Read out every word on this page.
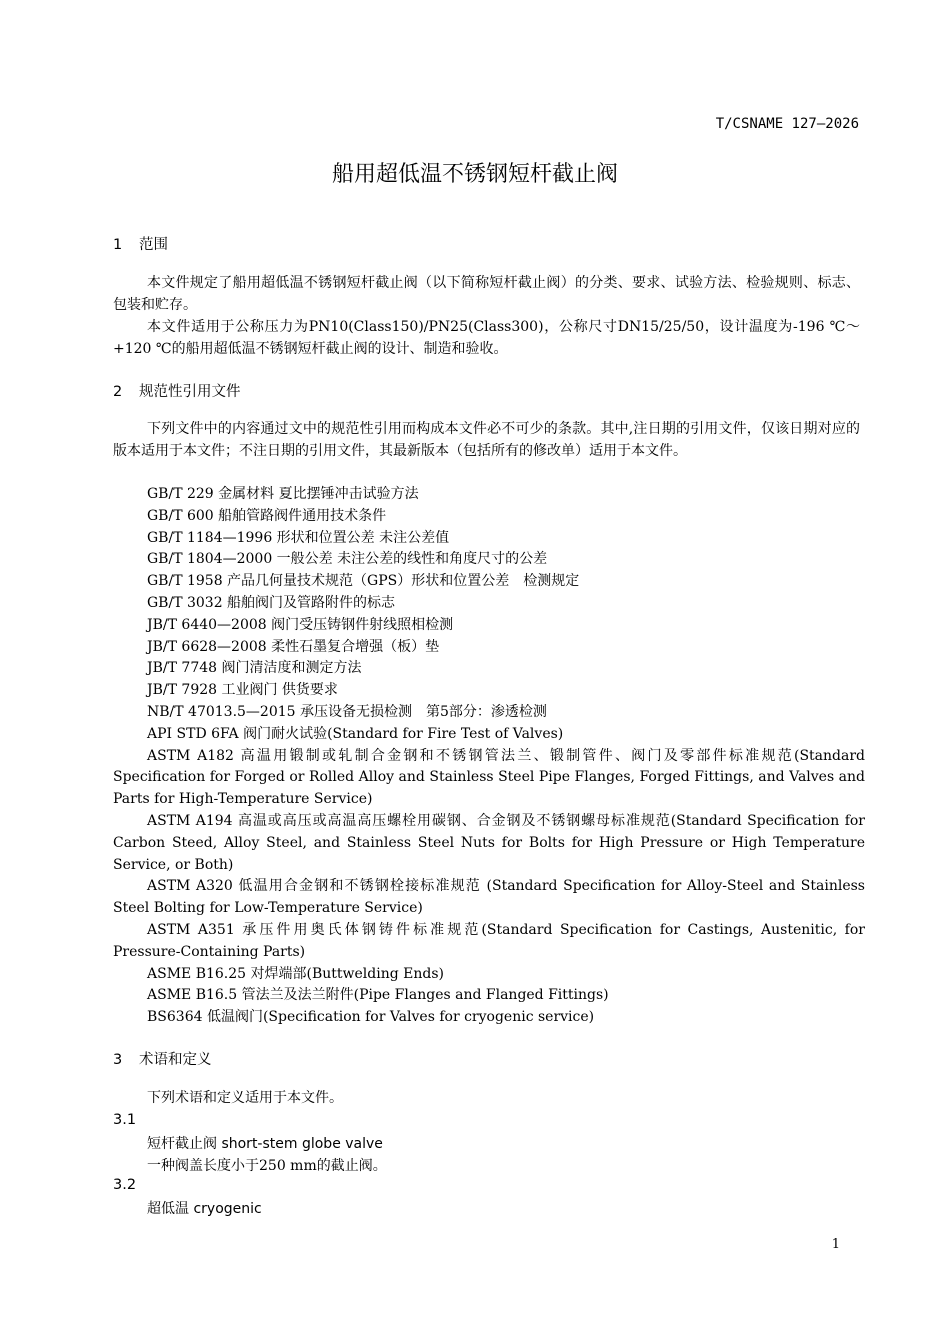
T/CSNAME 127—2026
船用超低温不锈钢短杆截止阀
1 范围
本文件规定了船用超低温不锈钢短杆截止阀（以下简称短杆截止阀）的分类、要求、试验方法、检验规则、标志、包装和贮存。
本文件适用于公称压力为PN10(Class150)/PN25(Class300)，公称尺寸DN15/25/50，设计温度为-196 ℃～+120 ℃的船用超低温不锈钢短杆截止阀的设计、制造和验收。
2 规范性引用文件
下列文件中的内容通过文中的规范性引用而构成本文件必不可少的条款。其中,注日期的引用文件，仅该日期对应的版本适用于本文件；不注日期的引用文件，其最新版本（包括所有的修改单）适用于本文件。

GB/T 229 金属材料 夏比摆锤冲击试验方法

GB/T 600 船舶管路阀件通用技术条件

GB/T 1184—1996 形状和位置公差 未注公差值

GB/T 1804—2000 一般公差 未注公差的线性和角度尺寸的公差

GB/T 1958 产品几何量技术规范（GPS）形状和位置公差　检测规定

GB/T 3032 船舶阀门及管路附件的标志

JB/T 6440—2008 阀门受压铸钢件射线照相检测

JB/T 6628—2008 柔性石墨复合增强（板）垫

JB/T 7748 阀门清洁度和测定方法

JB/T 7928 工业阀门 供货要求

NB/T 47013.5—2015 承压设备无损检测　第5部分：渗透检测

API STD 6FA 阀门耐火试验(Standard for Fire Test of Valves)

ASTM A182 高温用锻制或轧制合金钢和不锈钢管法兰、锻制管件、阀门及零部件标准规范(Standard Specification for Forged or Rolled Alloy and Stainless Steel Pipe Flanges, Forged Fittings, and Valves and Parts for High-Temperature Service)

ASTM A194 高温或高压或高温高压螺栓用碳钢、合金钢及不锈钢螺母标准规范(Standard Specification for Carbon Steed, Alloy Steel, and Stainless Steel Nuts for Bolts for High Pressure or High Temperature Service, or Both)

ASTM A320 低温用合金钢和不锈钢栓接标准规范 (Standard Specification for Alloy-Steel and Stainless Steel Bolting for Low-Temperature Service)

ASTM A351 承压件用奥氏体钢铸件标准规范(Standard Specification for Castings, Austenitic, for Pressure-Containing Parts)

ASME B16.25 对焊端部(Buttwelding Ends)

ASME B16.5 管法兰及法兰附件(Pipe Flanges and Flanged Fittings)

BS6364 低温阀门(Specification for Valves for cryogenic service)

3 术语和定义
下列术语和定义适用于本文件。
3.1
短杆截止阀 short-stem globe valve
一种阀盖长度小于250 mm的截止阀。
3.2
超低温 cryogenic
1
